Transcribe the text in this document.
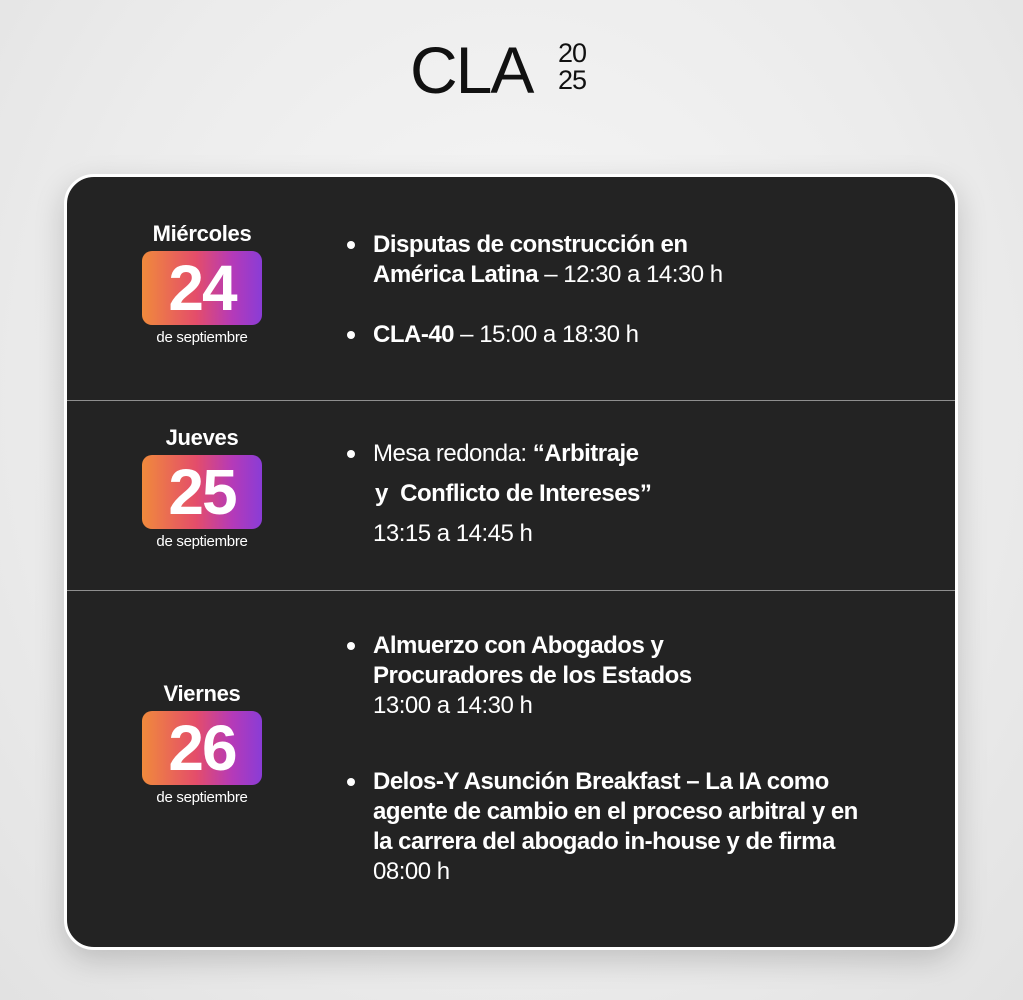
CLA 20
25
Miércoles
24
de septiembre
Disputas de construcción en
América Latina – 12:30 a 14:30 h
CLA-40 – 15:00 a 18:30 h
Jueves
25
de septiembre
Mesa redonda: “Arbitraje
y  Conflicto de Intereses”
13:15 a 14:45 h
Viernes
26
de septiembre
Almuerzo con Abogados y
Procuradores de los Estados
13:00 a 14:30 h
Delos-Y Asunción Breakfast – La IA como
agente de cambio en el proceso arbitral y en
la carrera del abogado in-house y de firma
08:00 h
